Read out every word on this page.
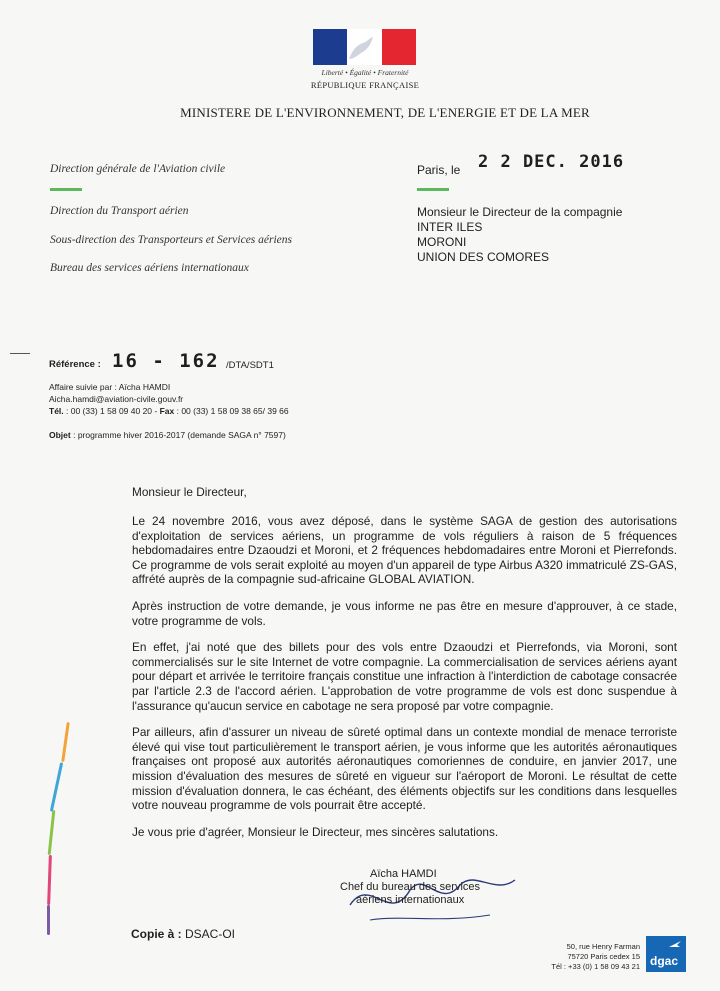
Liberté • Égalité • Fraternité
RÉPUBLIQUE FRANÇAISE
MINISTERE DE L'ENVIRONNEMENT, DE L'ENERGIE ET DE LA MER
Direction générale de l'Aviation civile
Direction du Transport aérien
Sous-direction des Transporteurs et Services aériens
Bureau des services aériens internationaux
Paris, le 2 2 DEC. 2016
Monsieur le Directeur de la compagnie
INTER ILES
MORONI
UNION DES COMORES
Référence : 16 - 162 /DTA/SDT1
Affaire suivie par : Aïcha HAMDI
Aicha.hamdi@aviation-civile.gouv.fr
Tél. : 00 (33) 1 58 09 40 20 - Fax : 00 (33) 1 58 09 38 65/ 39 66
Objet : programme hiver 2016-2017 (demande SAGA n° 7597)
Monsieur le Directeur,

Le 24 novembre 2016, vous avez déposé, dans le système SAGA de gestion des autorisations d'exploitation de services aériens, un programme de vols réguliers à raison de 5 fréquences hebdomadaires entre Dzaoudzi et Moroni, et 2 fréquences hebdomadaires entre Moroni et Pierrefonds. Ce programme de vols serait exploité au moyen d'un appareil de type Airbus A320 immatriculé ZS-GAS, affrété auprès de la compagnie sud-africaine GLOBAL AVIATION.

Après instruction de votre demande, je vous informe ne pas être en mesure d'approuver, à ce stade, votre programme de vols.

En effet, j'ai noté que des billets pour des vols entre Dzaoudzi et Pierrefonds, via Moroni, sont commercialisés sur le site Internet de votre compagnie. La commercialisation de services aériens ayant pour départ et arrivée le territoire français constitue une infraction à l'interdiction de cabotage consacrée par l'article 2.3 de l'accord aérien. L'approbation de votre programme de vols est donc suspendue à l'assurance qu'aucun service en cabotage ne sera proposé par votre compagnie.

Par ailleurs, afin d'assurer un niveau de sûreté optimal dans un contexte mondial de menace terroriste élevé qui vise tout particulièrement le transport aérien, je vous informe que les autorités aéronautiques françaises ont proposé aux autorités aéronautiques comoriennes de conduire, en janvier 2017, une mission d'évaluation des mesures de sûreté en vigueur sur l'aéroport de Moroni. Le résultat de cette mission d'évaluation donnera, le cas échéant, des éléments objectifs sur les conditions dans lesquelles votre nouveau programme de vols pourrait être accepté.

Je vous prie d'agréer, Monsieur le Directeur, mes sincères salutations.

Aïcha HAMDI
Chef du bureau des services
aériens internationaux
Copie à : DSAC-OI
50, rue Henry Farman
75720 Paris cedex 15
Tél : +33 (0) 1 58 09 43 21 dgac
